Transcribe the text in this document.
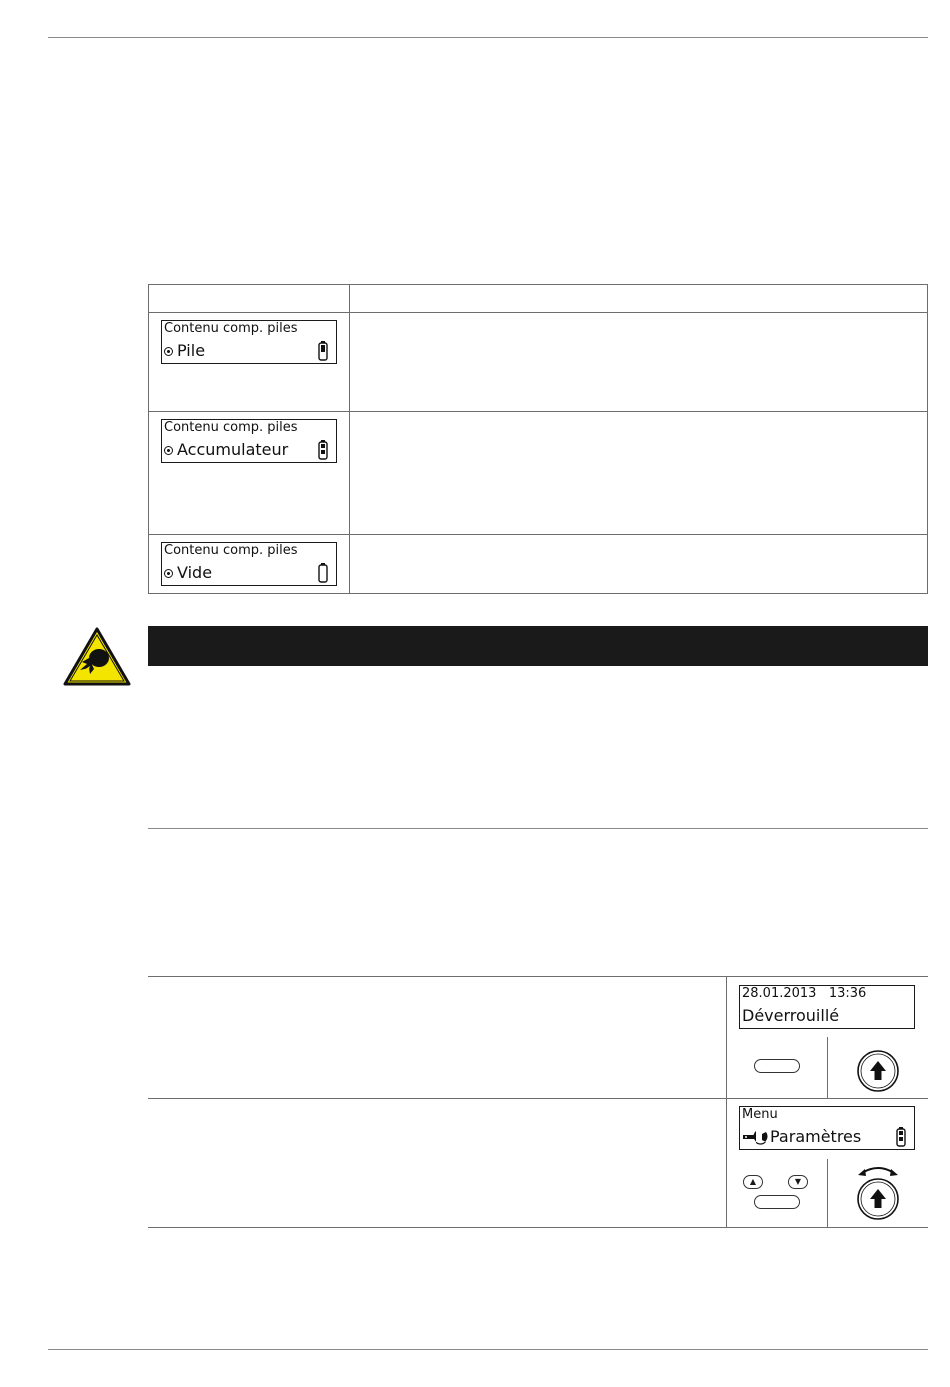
Contenu comp. piles
Pile	

Contenu comp. piles
Accumulateur	

Contenu comp. piles
Vide	

28.01.2013   13:36
Déverrouillé
Menu
Paramètres
▲	▼
